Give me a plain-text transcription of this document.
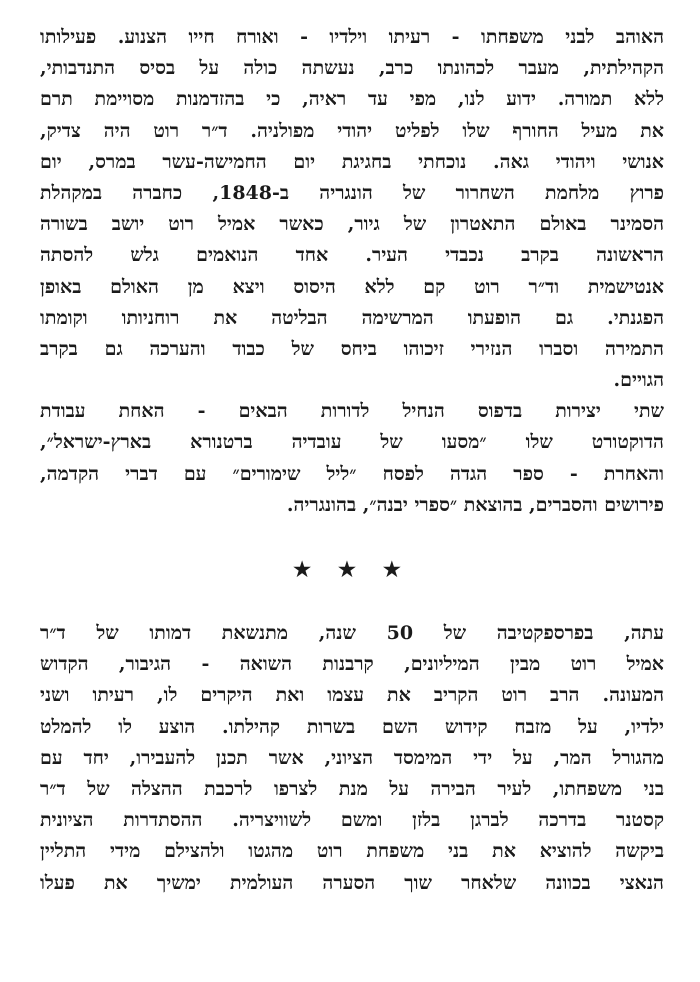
האוהב לבני משפחתו - רעיתו וילדיו - ואורח חייו הצנוע. פעילותו
הקהילתית, מעבר לכהונתו כרב, נעשתה כולה על בסיס התנדבותי,
ללא תמורה. ידוע לנו, מפי עד ראיה, כי בהזדמנות מסויימת תרם
את מעיל החורף שלו לפליט יהודי מפולניה. ד״ר רוט היה צדיק,
אנושי ויהודי גאה. נוכחתי בחגיגת יום החמישה-עשר במרס, יום
פרוץ מלחמת השחרור של הונגריה ב-1848, כחברה במקהלת
הסמינר באולם התאטרון של גיור, כאשר אמיל רוט יושב בשורה
הראשונה בקרב נכבדי העיר. אחד הנואמים גלש להסתה
אנטישמית וד״ר רוט קם ללא היסוס ויצא מן האולם באופן
הפגנתי. גם הופעתו המרשימה הבליטה את רוחניותו וקומתו
התמירה וסברו הנזירי זיכוהו ביחס של כבוד והערכה גם בקרב
הגויים.
שתי יצירות בדפוס הנחיל לדורות הבאים - האחת עבודת
הדוקטורט שלו ״מסעו של עובדיה ברטנורא בארץ-ישראל״,
והאחרת - ספר הגדה לפסח ״ליל שימורים״ עם דברי הקדמה,
פירושים והסברים, בהוצאת ״ספרי יבנה״, בהונגריה.
★ ★ ★
עתה, בפרספקטיבה של 50 שנה, מתנשאת דמותו של ד״ר
אמיל רוט מבין המיליונים, קרבנות השואה - הגיבור, הקדוש
המעונה. הרב רוט הקריב את עצמו ואת היקרים לו, רעיתו ושני
ילדיו, על מזבח קידוש השם בשרות קהילתו. הוצע לו להמלט
מהגורל המר, על ידי המימסד הציוני, אשר תכנן להעבירו, יחד עם
בני משפחתו, לעיר הבירה על מנת לצרפו לרכבת ההצלה של ד״ר
קסטנר בדרכה לברגן בלזן ומשם לשוויצריה. ההסתדרות הציונית
ביקשה להוציא את בני משפחת רוט מהגטו ולהצילם מידי התליין
הנאצי בכוונה שלאחר שוך הסערה העולמית ימשיך את פעלו
